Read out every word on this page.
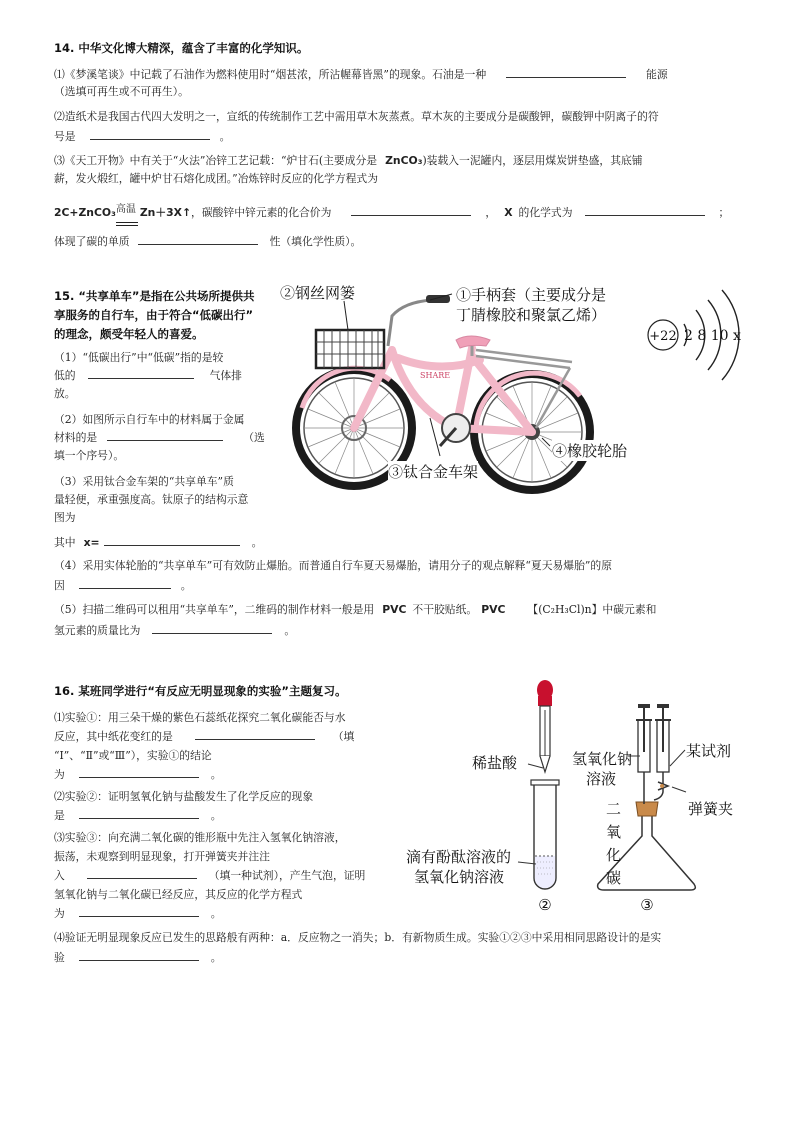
14. 中华文化博大精深，蕴含了丰富的化学知识。
⑴《梦溪笔谈》中记载了石油作为燃料使用时“烟甚浓，所沾幄幕皆黑”的现象。石油是一种	能源
（选填可再生或不可再生）。
⑵造纸术是我国古代四大发明之一，宣纸的传统制作工艺中需用草木灰蒸煮。草木灰的主要成分是碳酸钾，碳酸钾中阴离子的符
号是	。
⑶《天工开物》中有关于“火法”冶锌工艺记载：“炉甘石(主要成分是 ZnCO₃)装载入一泥罐内，逐层用煤炭饼垫盛，其底铺
薪，发火煅红，罐中炉甘石熔化成团。”冶炼锌时反应的化学方程式为
2C+ZnCO₃ 高温 Zn＋3X↑，碳酸锌中锌元素的化合价为	， X 的化学式为	；
体现了碳的单质	性（填化学性质）。
15. “共享单车”是指在公共场所提供共
享服务的自行车，由于符合“低碳出行”
的理念，颇受年轻人的喜爱。
（1）“低碳出行”中“低碳”指的是较
低的	气体排
放。
（2）如图所示自行车中的材料属于金属
材料的是	（选
填一个序号）。
（3）采用钛合金车架的“共享单车”质
量轻便，承重强度高。钛原子的结构示意
图为
其中 x=	。
（4）采用实体轮胎的“共享单车”可有效防止爆胎。而普通自行车夏天易爆胎，请用分子的观点解释“夏天易爆胎”的原
因	。
（5）扫描二维码可以租用“共享单车”，二维码的制作材料一般是用 PVC 不干胶贴纸。 PVC 【(C₂H₃Cl)n】中碳元素和
氢元素的质量比为	。
SHARE
②钢丝网篓	①手柄套（主要成分是
丁腈橡胶和聚氯乙烯）
③钛合金车架
④橡胶轮胎
+22 2 8 10 x
16. 某班同学进行“有反应无明显现象的实验”主题复习。
⑴实验①：用三朵干燥的紫色石蕊纸花探究二氧化碳能否与水
反应，其中纸花变红的是	（填
“Ⅰ”、“Ⅱ”或“Ⅲ”），实验①的结论
为	。
⑵实验②：证明氢氧化钠与盐酸发生了化学反应的现象
是	。
⑶实验③：向充满二氧化碳的锥形瓶中先注入氢氧化钠溶液，
振荡，未观察到明显现象，打开弹簧夹并注注
入	（填一种试剂），产生气泡，证明
氢氧化钠与二氧化碳已经反应，其反应的化学方程式
为	。
⑷验证无明显现象反应已发生的思路般有两种：a．反应物之一消失；b．有新物质生成。实验①②③中采用相同思路设计的是实
验	。
②	③
稀盐酸	氢氧化钠
溶液
某试剂
弹簧夹
二
氧
化
碳
滴有酚酞溶液的
氢氧化钠溶液
